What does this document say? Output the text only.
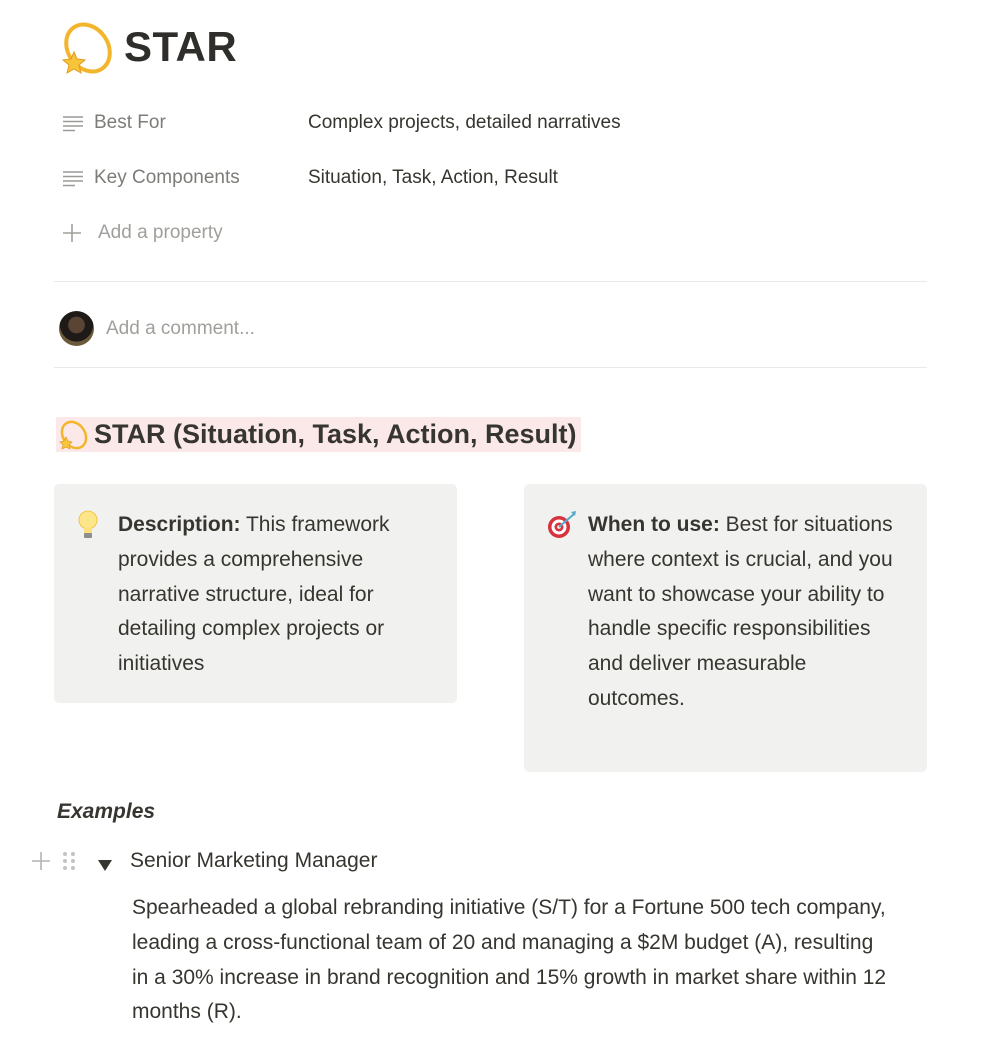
STAR
Best For	Complex projects, detailed narratives
Key Components	Situation, Task, Action, Result
Add a property
Add a comment...
STAR (Situation, Task, Action, Result)
Description: This framework provides a comprehensive narrative structure, ideal for detailing complex projects or initiatives
When to use: Best for situations where context is crucial, and you want to showcase your ability to handle specific responsibilities and deliver measurable outcomes.
Examples
Senior Marketing Manager
Spearheaded a global rebranding initiative (S/T) for a Fortune 500 tech company, leading a cross-functional team of 20 and managing a $2M budget (A), resulting in a 30% increase in brand recognition and 15% growth in market share within 12 months (R).
